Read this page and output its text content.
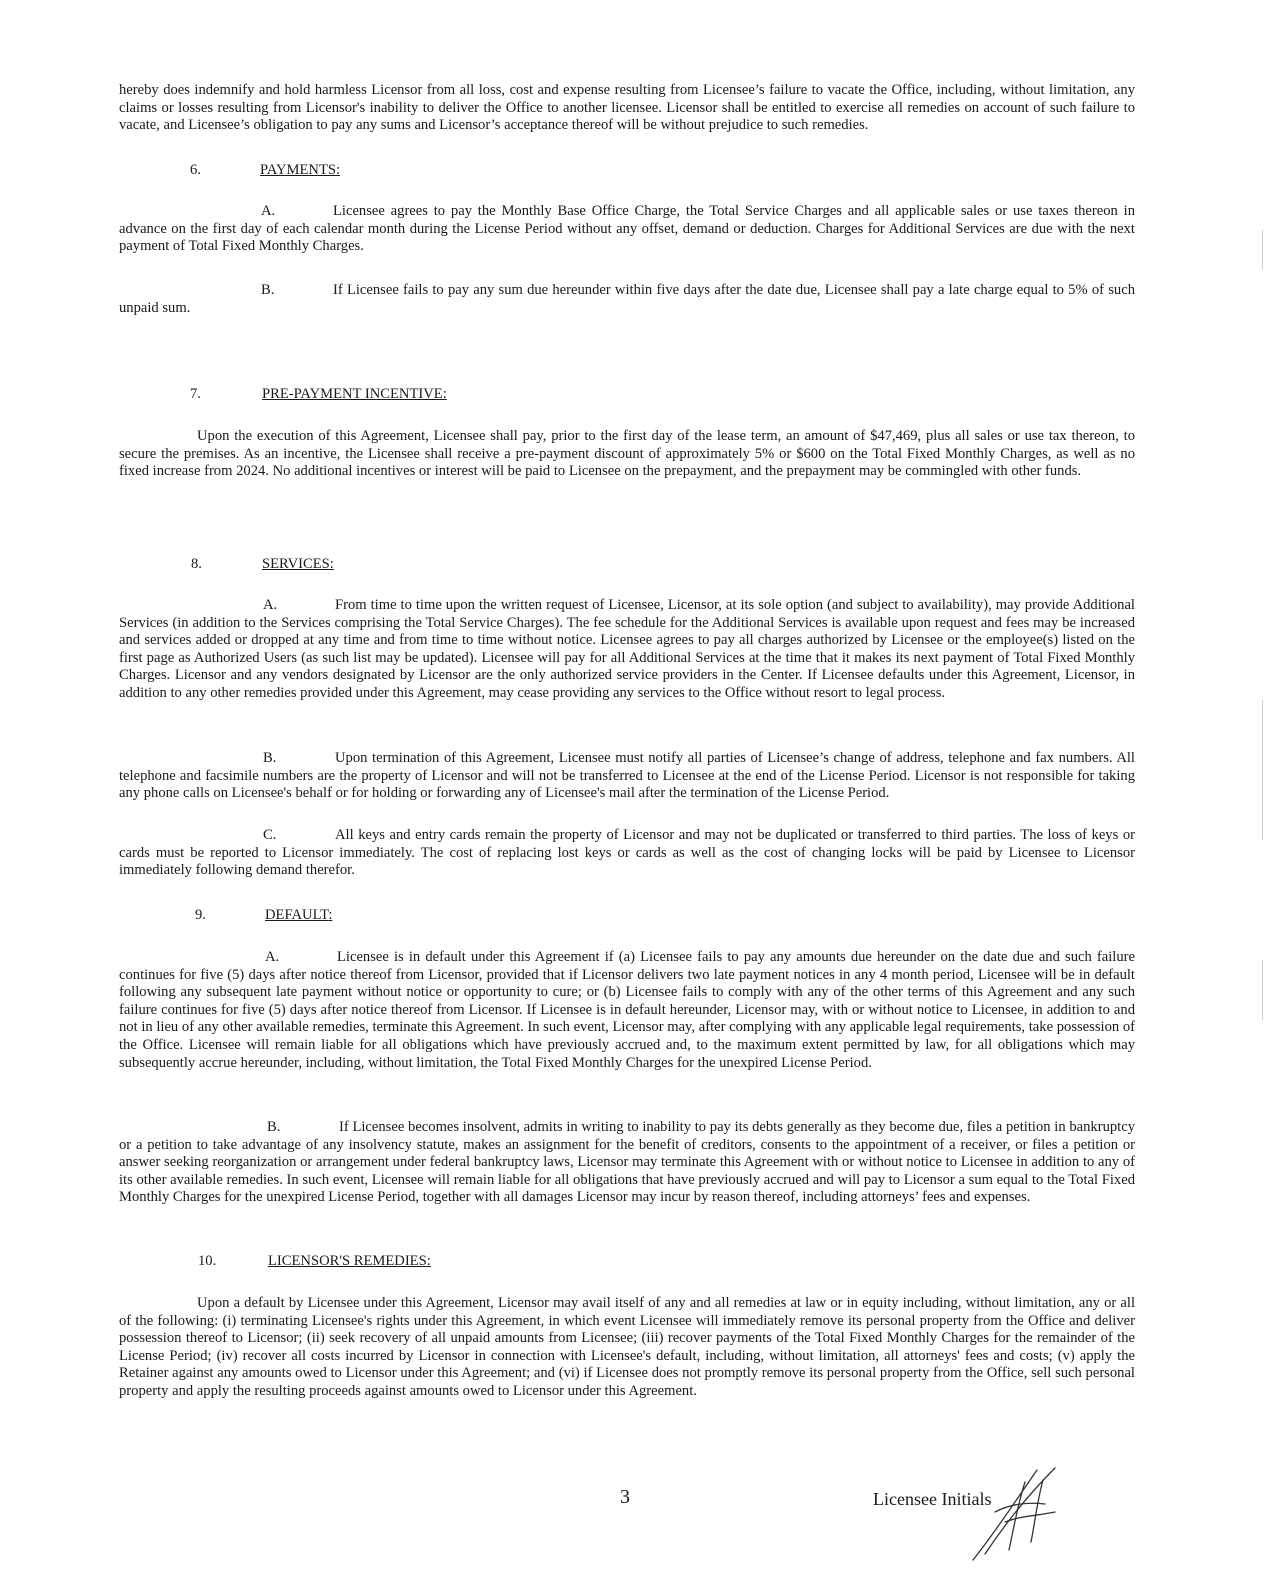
hereby does indemnify and hold harmless Licensor from all loss, cost and expense resulting from Licensee’s failure to vacate the Office, including, without limitation, any claims or losses resulting from Licensor's inability to deliver the Office to another licensee. Licensor shall be entitled to exercise all remedies on account of such failure to vacate, and Licensee’s obligation to pay any sums and Licensor’s acceptance thereof will be without prejudice to such remedies.

6.	PAYMENTS:

A.	Licensee agrees to pay the Monthly Base Office Charge, the Total Service Charges and all applicable sales or use taxes thereon in advance on the first day of each calendar month during the License Period without any offset, demand or deduction. Charges for Additional Services are due with the next payment of Total Fixed Monthly Charges.

B.	If Licensee fails to pay any sum due hereunder within five days after the date due, Licensee shall pay a late charge equal to 5% of such unpaid sum.

7.	PRE-PAYMENT INCENTIVE:

Upon the execution of this Agreement, Licensee shall pay, prior to the first day of the lease term, an amount of $47,469, plus all sales or use tax thereon, to secure the premises. As an incentive, the Licensee shall receive a pre-payment discount of approximately 5% or $600 on the Total Fixed Monthly Charges, as well as no fixed increase from 2024. No additional incentives or interest will be paid to Licensee on the prepayment, and the prepayment may be commingled with other funds.

8.	SERVICES:

A.	From time to time upon the written request of Licensee, Licensor, at its sole option (and subject to availability), may provide Additional Services (in addition to the Services comprising the Total Service Charges). The fee schedule for the Additional Services is available upon request and fees may be increased and services added or dropped at any time and from time to time without notice. Licensee agrees to pay all charges authorized by Licensee or the employee(s) listed on the first page as Authorized Users (as such list may be updated). Licensee will pay for all Additional Services at the time that it makes its next payment of Total Fixed Monthly Charges. Licensor and any vendors designated by Licensor are the only authorized service providers in the Center. If Licensee defaults under this Agreement, Licensor, in addition to any other remedies provided under this Agreement, may cease providing any services to the Office without resort to legal process.

B.	Upon termination of this Agreement, Licensee must notify all parties of Licensee’s change of address, telephone and fax numbers. All telephone and facsimile numbers are the property of Licensor and will not be transferred to Licensee at the end of the License Period. Licensor is not responsible for taking any phone calls on Licensee's behalf or for holding or forwarding any of Licensee's mail after the termination of the License Period.

C.	All keys and entry cards remain the property of Licensor and may not be duplicated or transferred to third parties. The loss of keys or cards must be reported to Licensor immediately. The cost of replacing lost keys or cards as well as the cost of changing locks will be paid by Licensee to Licensor immediately following demand therefor.

9.	DEFAULT:

A.	Licensee is in default under this Agreement if (a) Licensee fails to pay any amounts due hereunder on the date due and such failure continues for five (5) days after notice thereof from Licensor, provided that if Licensor delivers two late payment notices in any 4 month period, Licensee will be in default following any subsequent late payment without notice or opportunity to cure; or (b) Licensee fails to comply with any of the other terms of this Agreement and any such failure continues for five (5) days after notice thereof from Licensor. If Licensee is in default hereunder, Licensor may, with or without notice to Licensee, in addition to and not in lieu of any other available remedies, terminate this Agreement. In such event, Licensor may, after complying with any applicable legal requirements, take possession of the Office. Licensee will remain liable for all obligations which have previously accrued and, to the maximum extent permitted by law, for all obligations which may subsequently accrue hereunder, including, without limitation, the Total Fixed Monthly Charges for the unexpired License Period.

B.	If Licensee becomes insolvent, admits in writing to inability to pay its debts generally as they become due, files a petition in bankruptcy or a petition to take advantage of any insolvency statute, makes an assignment for the benefit of creditors, consents to the appointment of a receiver, or files a petition or answer seeking reorganization or arrangement under federal bankruptcy laws, Licensor may terminate this Agreement with or without notice to Licensee in addition to any of its other available remedies. In such event, Licensee will remain liable for all obligations that have previously accrued and will pay to Licensor a sum equal to the Total Fixed Monthly Charges for the unexpired License Period, together with all damages Licensor may incur by reason thereof, including attorneys’ fees and expenses.

10.	LICENSOR'S REMEDIES:

Upon a default by Licensee under this Agreement, Licensor may avail itself of any and all remedies at law or in equity including, without limitation, any or all of the following: (i) terminating Licensee's rights under this Agreement, in which event Licensee will immediately remove its personal property from the Office and deliver possession thereof to Licensor; (ii) seek recovery of all unpaid amounts from Licensee; (iii) recover payments of the Total Fixed Monthly Charges for the remainder of the License Period; (iv) recover all costs incurred by Licensor in connection with Licensee's default, including, without limitation, all attorneys' fees and costs; (v) apply the Retainer against any amounts owed to Licensor under this Agreement; and (vi) if Licensee does not promptly remove its personal property from the Office, sell such personal property and apply the resulting proceeds against amounts owed to Licensor under this Agreement.

3	Licensee Initials
